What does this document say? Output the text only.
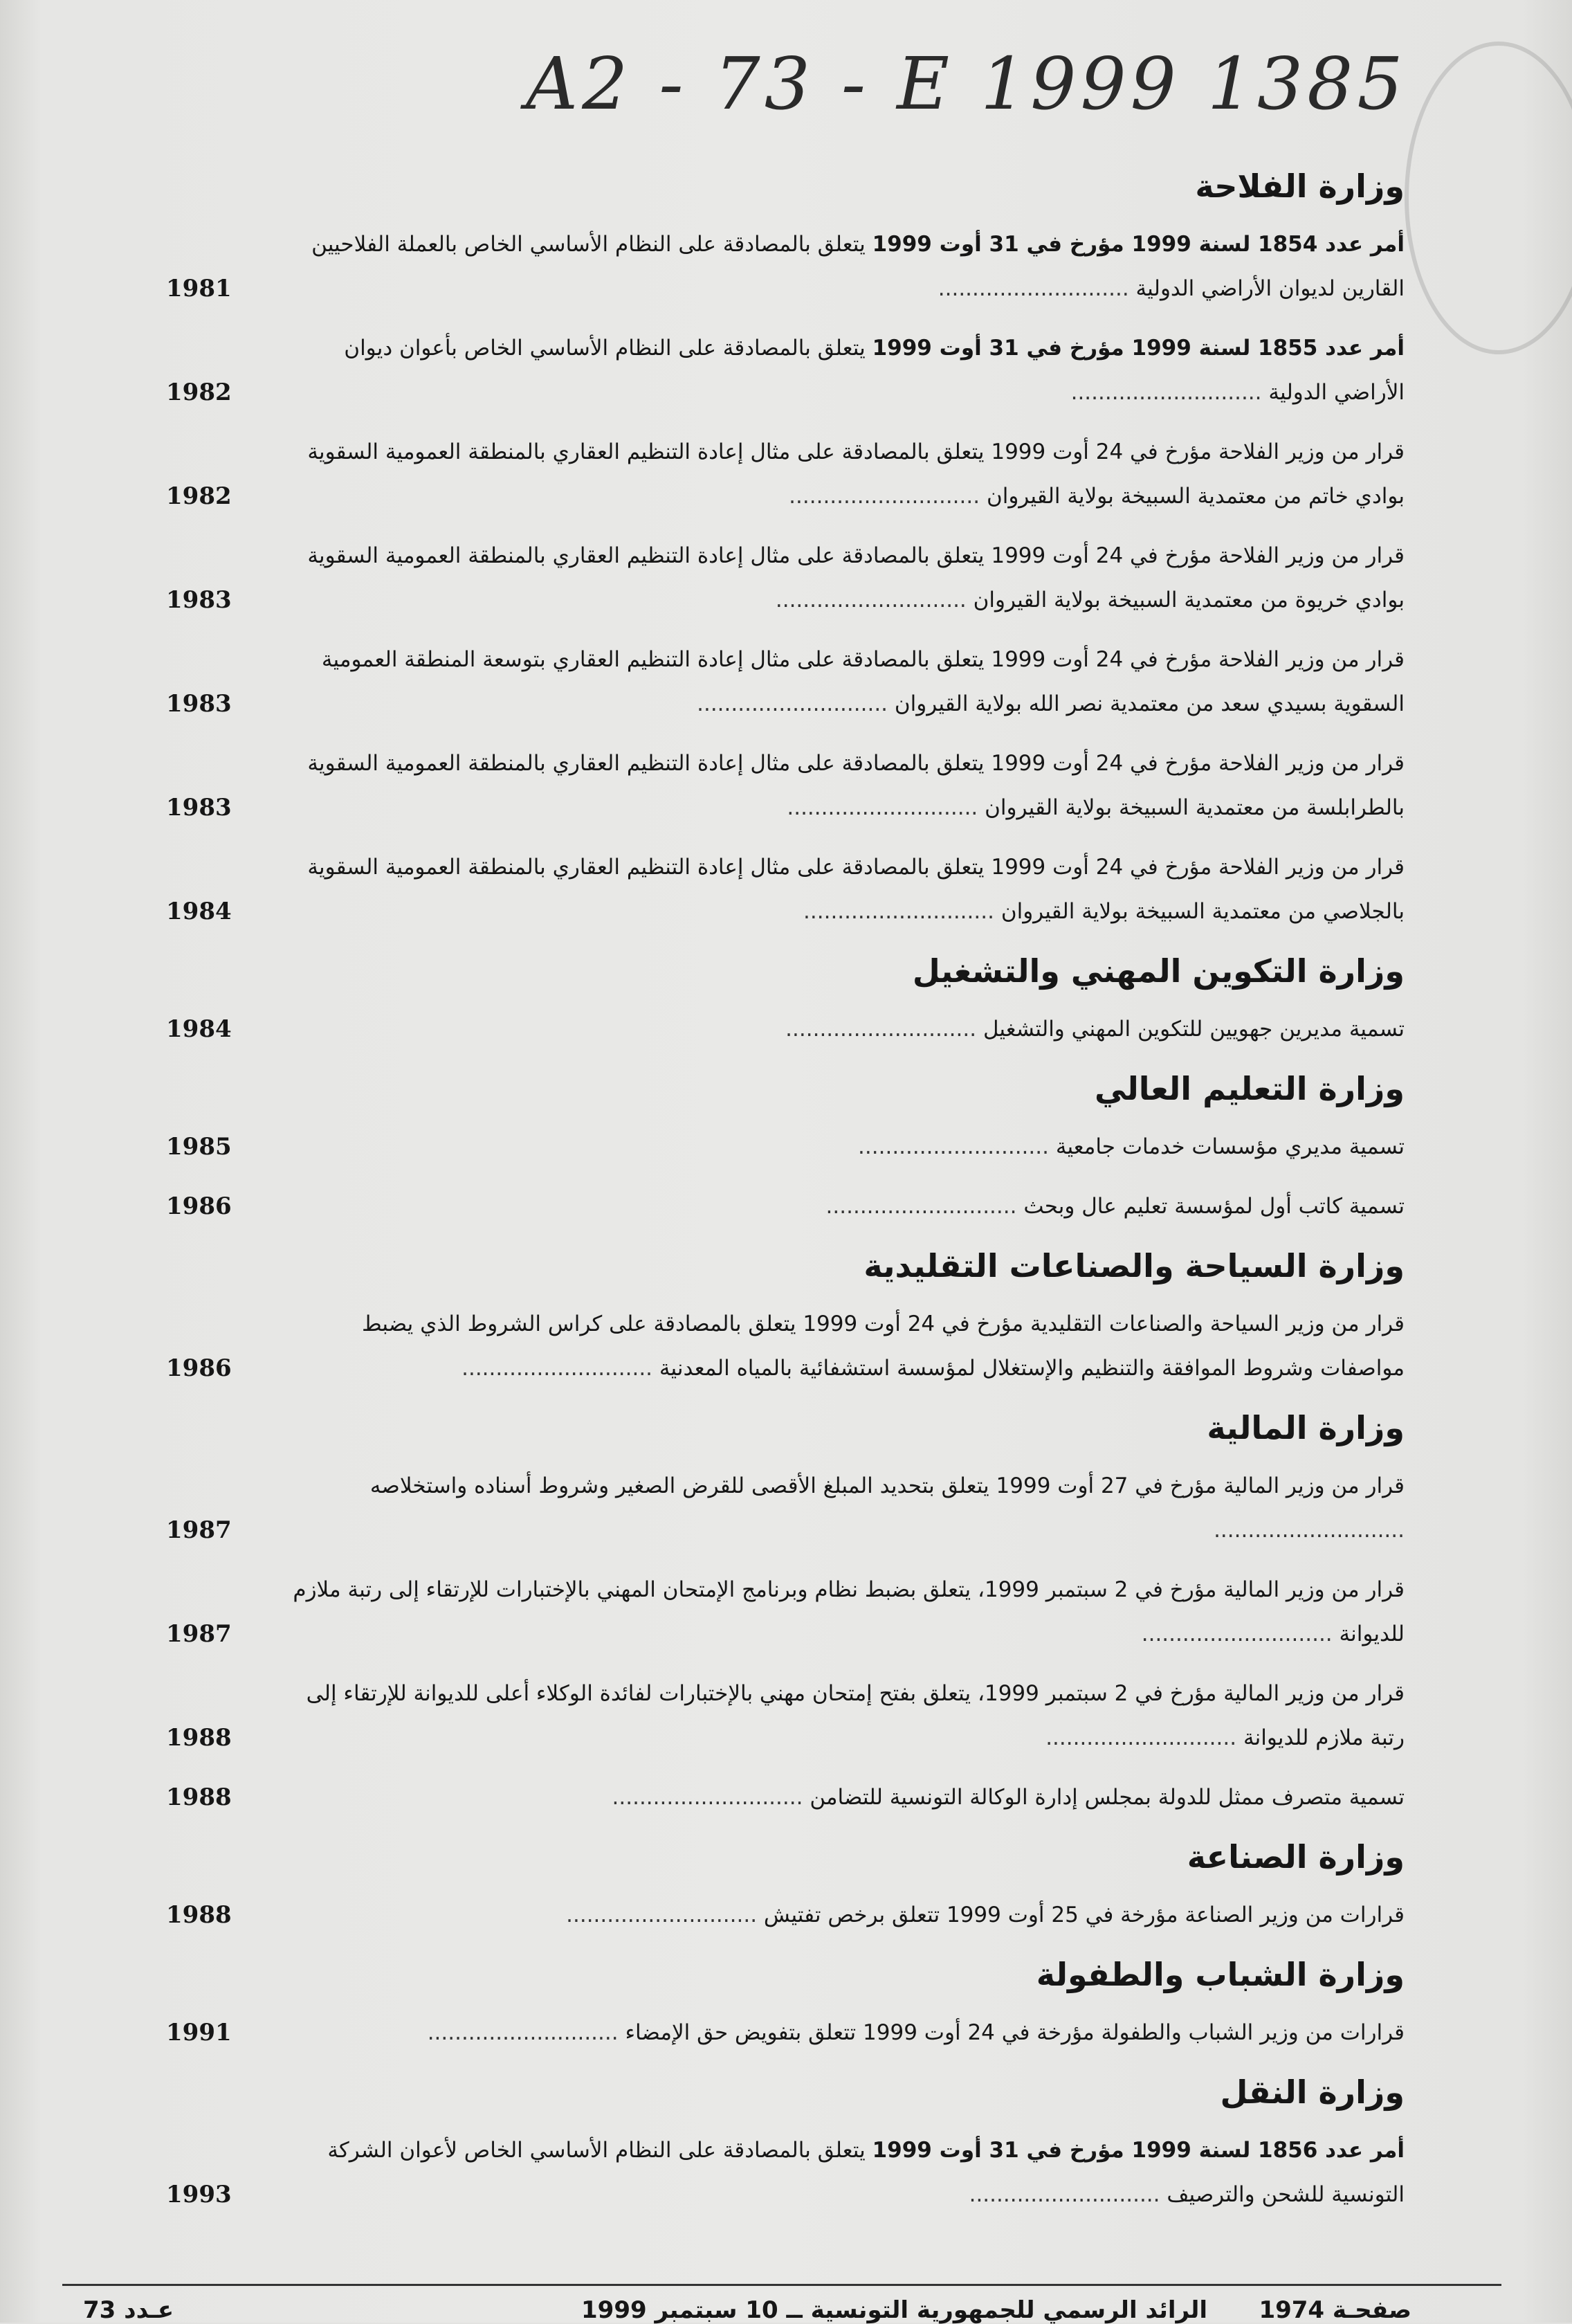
A2 - 73 - E 1999 1385
وزارة الفلاحة
أمر عدد 1854 لسنة 1999 مؤرخ في 31 أوت 1999 يتعلق بالمصادقة على النظام الأساسي الخاص بالعملة الفلاحيين القارين لديوان الأراضي الدولية ............................
1981
أمر عدد 1855 لسنة 1999 مؤرخ في 31 أوت 1999 يتعلق بالمصادقة على النظام الأساسي الخاص بأعوان ديوان الأراضي الدولية ............................
1982
قرار من وزير الفلاحة مؤرخ في 24 أوت 1999 يتعلق بالمصادقة على مثال إعادة التنظيم العقاري بالمنطقة العمومية السقوية بوادي خاتم من معتمدية السبيخة بولاية القيروان ............................
1982
قرار من وزير الفلاحة مؤرخ في 24 أوت 1999 يتعلق بالمصادقة على مثال إعادة التنظيم العقاري بالمنطقة العمومية السقوية بوادي خريوة من معتمدية السبيخة بولاية القيروان ............................
1983
قرار من وزير الفلاحة مؤرخ في 24 أوت 1999 يتعلق بالمصادقة على مثال إعادة التنظيم العقاري بتوسعة المنطقة العمومية السقوية بسيدي سعد من معتمدية نصر الله بولاية القيروان ............................
1983
قرار من وزير الفلاحة مؤرخ في 24 أوت 1999 يتعلق بالمصادقة على مثال إعادة التنظيم العقاري بالمنطقة العمومية السقوية بالطرابلسة من معتمدية السبيخة بولاية القيروان ............................
1983
قرار من وزير الفلاحة مؤرخ في 24 أوت 1999 يتعلق بالمصادقة على مثال إعادة التنظيم العقاري بالمنطقة العمومية السقوية بالجلاصي من معتمدية السبيخة بولاية القيروان ............................
1984
وزارة التكوين المهني والتشغيل
تسمية مديرين جهويين للتكوين المهني والتشغيل ............................
1984
وزارة التعليم العالي
تسمية مديري مؤسسات خدمات جامعية ............................
1985
تسمية كاتب أول لمؤسسة تعليم عال وبحث ............................
1986
وزارة السياحة والصناعات التقليدية
قرار من وزير السياحة والصناعات التقليدية مؤرخ في 24 أوت 1999 يتعلق بالمصادقة على كراس الشروط الذي يضبط مواصفات وشروط الموافقة والتنظيم والإستغلال لمؤسسة استشفائية بالمياه المعدنية ............................
1986
وزارة المالية
قرار من وزير المالية مؤرخ في 27 أوت 1999 يتعلق بتحديد المبلغ الأقصى للقرض الصغير وشروط أسناده واستخلاصه ............................
1987
قرار من وزير المالية مؤرخ في 2 سبتمبر 1999، يتعلق بضبط نظام وبرنامج الإمتحان المهني بالإختبارات للإرتقاء إلى رتبة ملازم للديوانة ............................
1987
قرار من وزير المالية مؤرخ في 2 سبتمبر 1999، يتعلق بفتح إمتحان مهني بالإختبارات لفائدة الوكلاء أعلى للديوانة للإرتقاء إلى رتبة ملازم للديوانة ............................
1988
تسمية متصرف ممثل للدولة بمجلس إدارة الوكالة التونسية للتضامن ............................
1988
وزارة الصناعة
قرارات من وزير الصناعة مؤرخة في 25 أوت 1999 تتعلق برخص تفتيش ............................
1988
وزارة الشباب والطفولة
قرارات من وزير الشباب والطفولة مؤرخة في 24 أوت 1999 تتعلق بتفويض حق الإمضاء ............................
1991
وزارة النقل
أمر عدد 1856 لسنة 1999 مؤرخ في 31 أوت 1999 يتعلق بالمصادقة على النظام الأساسي الخاص لأعوان الشركة التونسية للشحن والترصيف ............................
1993
عـدد 73	الرائد الرسمي للجمهورية التونسية ــ 10 سبتمبر 1999 صفحـة 1974
